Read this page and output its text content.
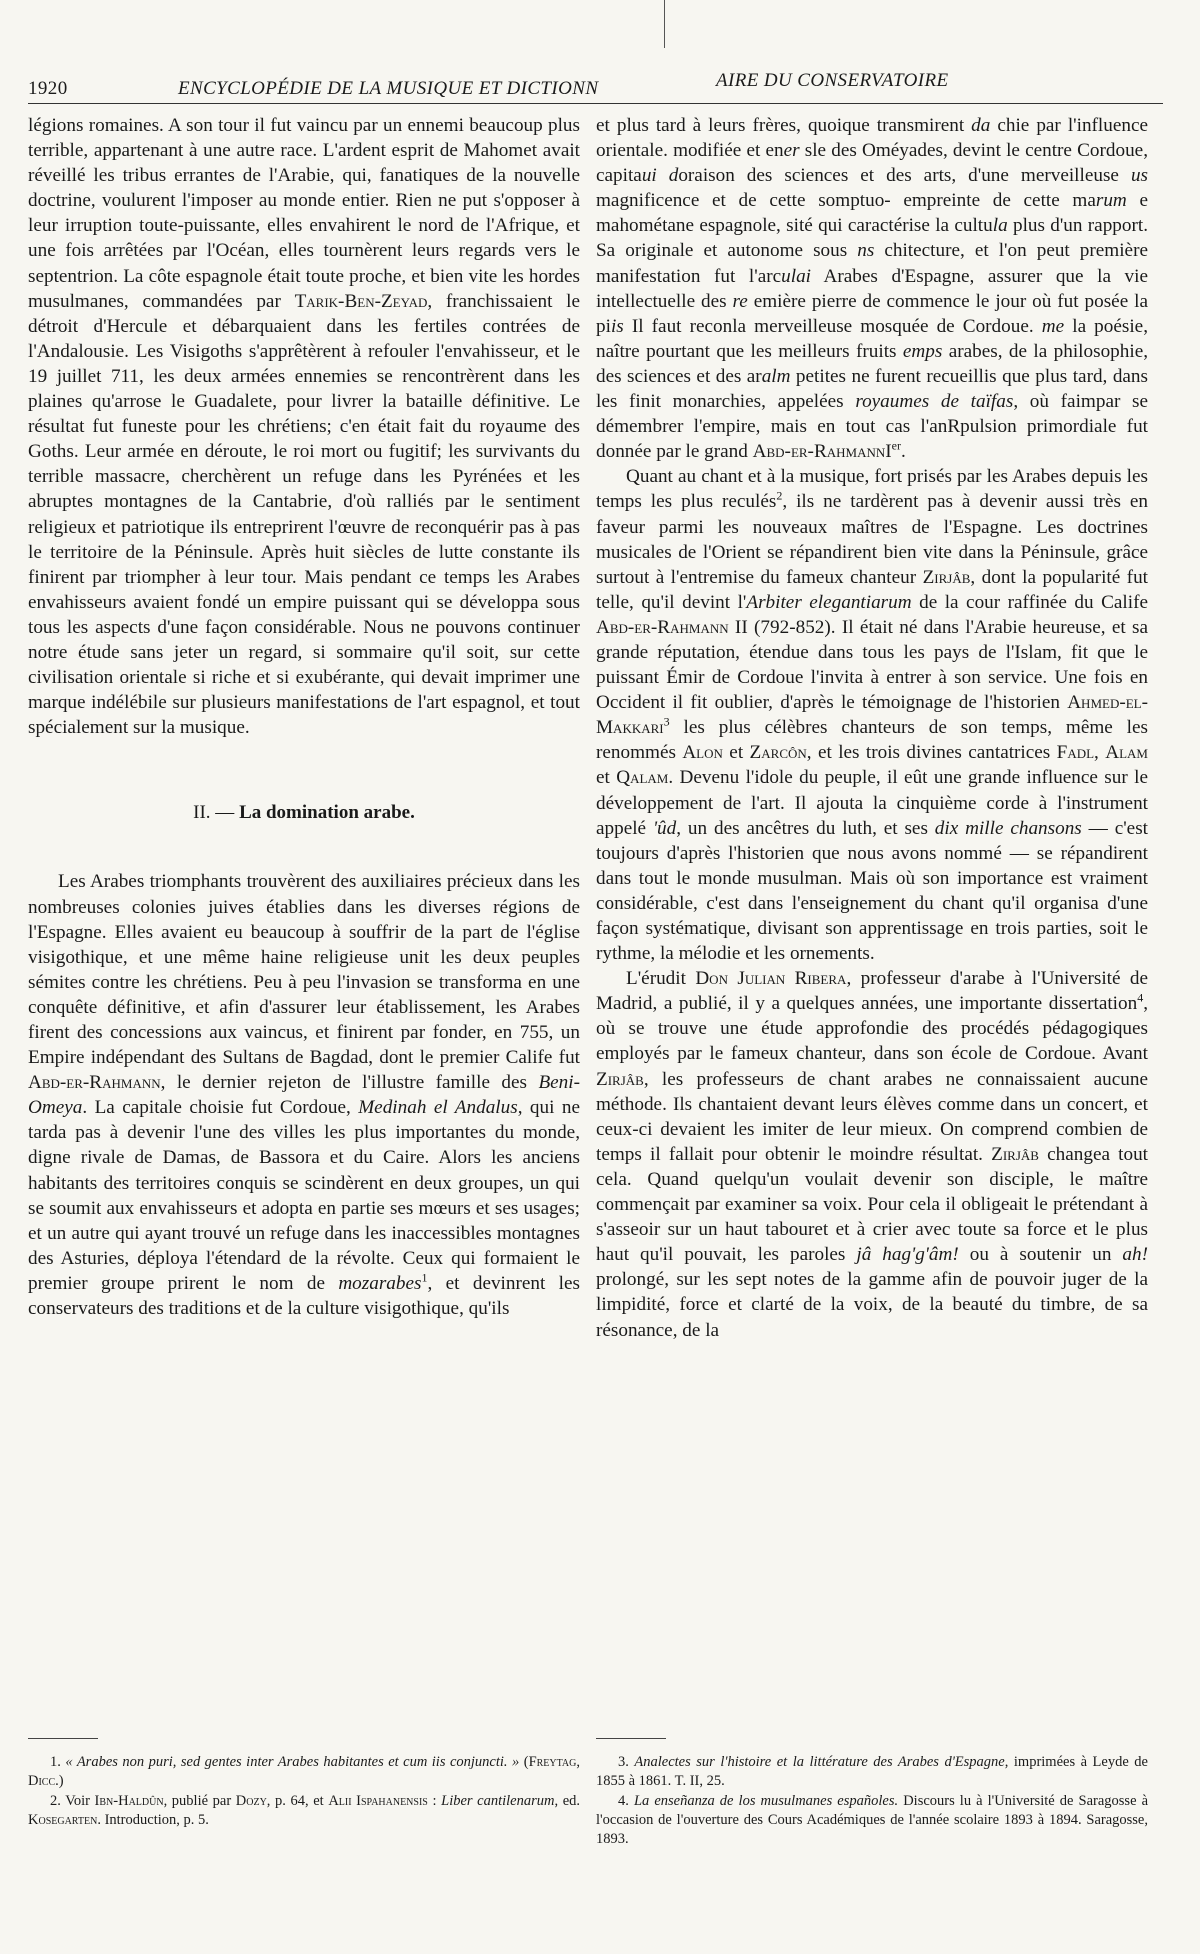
1920	ENCYCLOPÉDIE DE LA MUSIQUE ET DICTIONN	AIRE DU CONSERVATOIRE

légions romaines. A son tour il fut vaincu par un ennemi beaucoup plus terrible, appartenant à une autre race. L'ardent esprit de Mahomet avait réveillé les tribus errantes de l'Arabie, qui, fanatiques de la nouvelle doctrine, voulurent l'imposer au monde entier. Rien ne put s'opposer à leur irruption toute-puissante, elles envahirent le nord de l'Afrique, et une fois arrêtées par l'Océan, elles tournèrent leurs regards vers le septentrion. La côte espagnole était toute proche, et bien vite les hordes musulmanes, commandées par Tarik-Ben-Zeyad, franchissaient le détroit d'Hercule et débarquaient dans les fertiles contrées de l'Andalousie. Les Visigoths s'apprêtèrent à refouler l'envahisseur, et le 19 juillet 711, les deux armées ennemies se rencontrèrent dans les plaines qu'arrose le Guadalete, pour livrer la bataille définitive. Le résultat fut funeste pour les chrétiens; c'en était fait du royaume des Goths. Leur armée en déroute, le roi mort ou fugitif; les survivants du terrible massacre, cherchèrent un refuge dans les Pyrénées et les abruptes montagnes de la Cantabrie, d'où ralliés par le sentiment religieux et patriotique ils entreprirent l'œuvre de reconquérir pas à pas le territoire de la Péninsule. Après huit siècles de lutte constante ils finirent par triompher à leur tour. Mais pendant ce temps les Arabes envahisseurs avaient fondé un empire puissant qui se développa sous tous les aspects d'une façon considérable. Nous ne pouvons continuer notre étude sans jeter un regard, si sommaire qu'il soit, sur cette civilisation orientale si riche et si exubérante, qui devait imprimer une marque indélébile sur plusieurs manifestations de l'art espagnol, et tout spécialement sur la musique.

II. — La domination arabe.

Les Arabes triomphants trouvèrent des auxiliaires précieux dans les nombreuses colonies juives établies dans les diverses régions de l'Espagne. Elles avaient eu beaucoup à souffrir de la part de l'église visigothique, et une même haine religieuse unit les deux peuples sémites contre les chrétiens. Peu à peu l'invasion se transforma en une conquête définitive, et afin d'assurer leur établissement, les Arabes firent des concessions aux vaincus, et finirent par fonder, en 755, un Empire indépendant des Sultans de Bagdad, dont le premier Calife fut Abd-er-Rahmann, le dernier rejeton de l'illustre famille des Beni-Omeya. La capitale choisie fut Cordoue, Medinah el Andalus, qui ne tarda pas à devenir l'une des villes les plus importantes du monde, digne rivale de Damas, de Bassora et du Caire. Alors les anciens habitants des territoires conquis se scindèrent en deux groupes, un qui se soumit aux envahisseurs et adopta en partie ses mœurs et ses usages; et un autre qui ayant trouvé un refuge dans les inaccessibles montagnes des Asturies, déploya l'étendard de la révolte. Ceux qui formaient le premier groupe prirent le nom de mozarabes$^1$, et devinrent les conservateurs des traditions et de la culture visigothique, qu'ils

et plus tard à leurs frères, quoique transmirent da chie par l'influence orientale. modifiée et ener sle des Oméyades, devint le centre Cordoue, capitaui doraison des sciences et des arts, d'une merveilleuse us magnificence et de cette somptuo- empreinte de cette marum e mahométane espagnole, sité qui caractérise la cultula plus d'un rapport. Sa originale et autonome sous ns chitecture, et l'on peut première manifestation fut l'arculai Arabes d'Espagne, assurer que la vie intellectuelle des re emière pierre de commence le jour où fut posée la piis Il faut reconla merveilleuse mosquée de Cordoue. me la poésie, naître pourtant que les meilleurs fruits emps arabes, de la philosophie, des sciences et des aralm petites ne furent recueillis que plus tard, dans les finit monarchies, appelées royaumes de taïfas, où faimpar se démembrer l'empire, mais en tout cas l'anRpulsion primordiale fut donnée par le grand Abd-er-RahmannI$^{er}$.

Quant au chant et à la musique, fort prisés par les Arabes depuis les temps les plus reculés$^2$, ils ne tardèrent pas à devenir aussi très en faveur parmi les nouveaux maîtres de l'Espagne. Les doctrines musicales de l'Orient se répandirent bien vite dans la Péninsule, grâce surtout à l'entremise du fameux chanteur Zirjâb, dont la popularité fut telle, qu'il devint l'Arbiter elegantiarum de la cour raffinée du Calife Abd-er-Rahmann II (792-852). Il était né dans l'Arabie heureuse, et sa grande réputation, étendue dans tous les pays de l'Islam, fit que le puissant Émir de Cordoue l'invita à entrer à son service. Une fois en Occident il fit oublier, d'après le témoignage de l'historien Ahmed-el-Makkari$^3$ les plus célèbres chanteurs de son temps, même les renommés Alon et Zarcôn, et les trois divines cantatrices Fadl, Alam et Qalam. Devenu l'idole du peuple, il eût une grande influence sur le développement de l'art. Il ajouta la cinquième corde à l'instrument appelé 'ûd, un des ancêtres du luth, et ses dix mille chansons — c'est toujours d'après l'historien que nous avons nommé — se répandirent dans tout le monde musulman. Mais où son importance est vraiment considérable, c'est dans l'enseignement du chant qu'il organisa d'une façon systématique, divisant son apprentissage en trois parties, soit le rythme, la mélodie et les ornements.

L'érudit Don Julian Ribera, professeur d'arabe à l'Université de Madrid, a publié, il y a quelques années, une importante dissertation$^4$, où se trouve une étude approfondie des procédés pédagogiques employés par le fameux chanteur, dans son école de Cordoue. Avant Zirjâb, les professeurs de chant arabes ne connaissaient aucune méthode. Ils chantaient devant leurs élèves comme dans un concert, et ceux-ci devaient les imiter de leur mieux. On comprend combien de temps il fallait pour obtenir le moindre résultat. Zirjâb changea tout cela. Quand quelqu'un voulait devenir son disciple, le maître commençait par examiner sa voix. Pour cela il obligeait le prétendant à s'asseoir sur un haut tabouret et à crier avec toute sa force et le plus haut qu'il pouvait, les paroles jâ hag'g'âm! ou à soutenir un ah! prolongé, sur les sept notes de la gamme afin de pouvoir juger de la limpidité, force et clarté de la voix, de la beauté du timbre, de sa résonance, de la

1. « Arabes non puri, sed gentes inter Arabes habitantes et cum iis conjuncti. » (Freytag, Dicc.)

2. Voir Ibn-Haldûn, publié par Dozy, p. 64, et Alii Ispahanensis : Liber cantilenarum, ed. Kosegarten. Introduction, p. 5.

3. Analectes sur l'histoire et la littérature des Arabes d'Espagne, imprimées à Leyde de 1855 à 1861. T. II, 25.

4. La enseñanza de los musulmanes españoles. Discours lu à l'Université de Saragosse à l'occasion de l'ouverture des Cours Académiques de l'année scolaire 1893 à 1894. Saragosse, 1893.
